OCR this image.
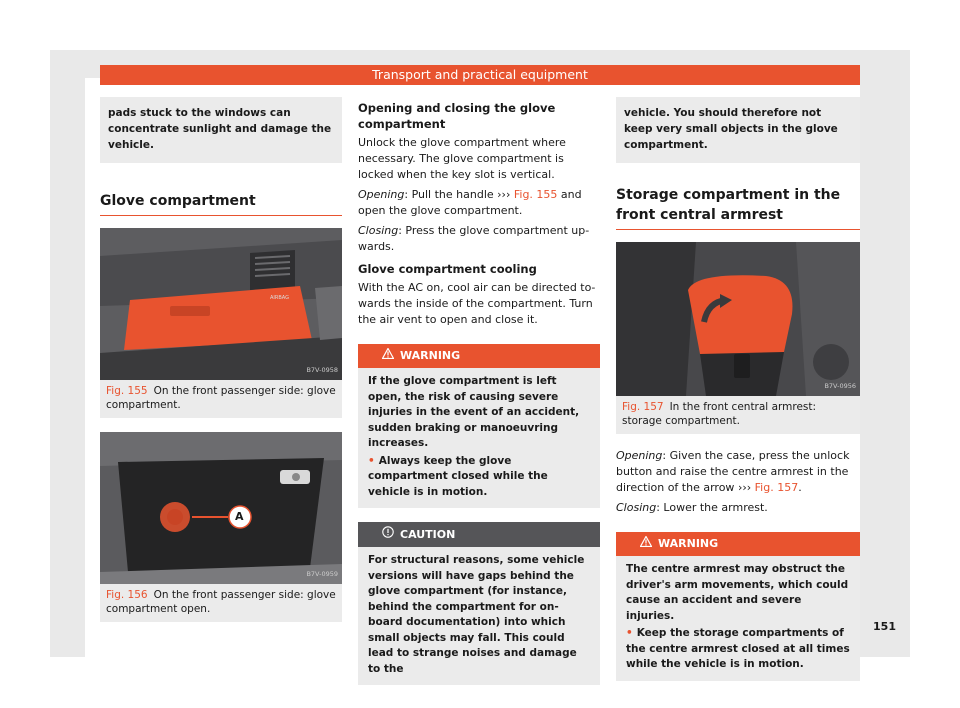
Transport and practical equipment
pads stuck to the windows can concentrate sunlight and damage the vehicle.
Glove compartment
AIRBAG
B7V-0958
Fig. 155 On the front passenger side: glove compartment.
A
B7V-0959
Fig. 156 On the front passenger side: glove compartment open.
Opening and closing the glove compartment

Unlock the glove compartment where necessary. The glove compartment is locked when the key slot is vertical.

Opening: Pull the handle ››› Fig. 155 and open the glove compartment.

Closing: Press the glove compartment upwards.

Glove compartment cooling

With the AC on, cool air can be directed towards the inside of the compartment. Turn the air vent to open and close it.

WARNING
If the glove compartment is left open, the risk of causing severe injuries in the event of an accident, sudden braking or manoeuvring increases.
• Always keep the glove compartment closed while the vehicle is in motion.
CAUTION
For structural reasons, some vehicle versions will have gaps behind the glove compartment (for instance, behind the compartment for on-board documentation) into which small objects may fall. This could lead to strange noises and damage to the
vehicle. You should therefore not keep very small objects in the glove compartment.
Storage compartment in the front central armrest
B7V-0956
Fig. 157 In the front central armrest: storage compartment.

Opening: Given the case, press the unlock button and raise the centre armrest in the direction of the arrow ››› Fig. 157.

Closing: Lower the armrest.

WARNING
The centre armrest may obstruct the driver's arm movements, which could cause an accident and severe injuries.
• Keep the storage compartments of the centre armrest closed at all times while the vehicle is in motion.
151
